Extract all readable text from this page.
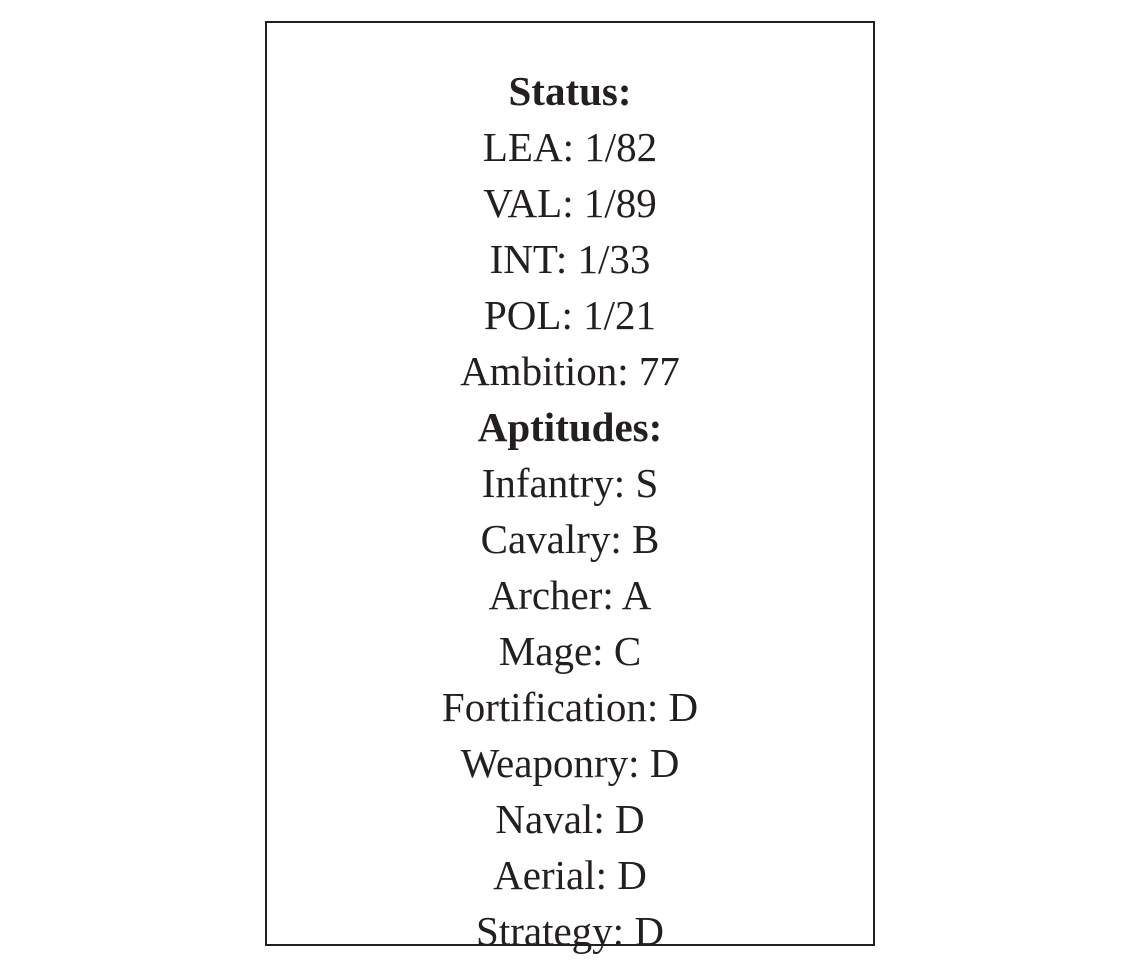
Status:
LEA: 1/82
VAL: 1/89
INT: 1/33
POL: 1/21
Ambition: 77
Aptitudes:
Infantry: S
Cavalry: B
Archer: A
Mage: C
Fortification: D
Weaponry: D
Naval: D
Aerial: D
Strategy: D
